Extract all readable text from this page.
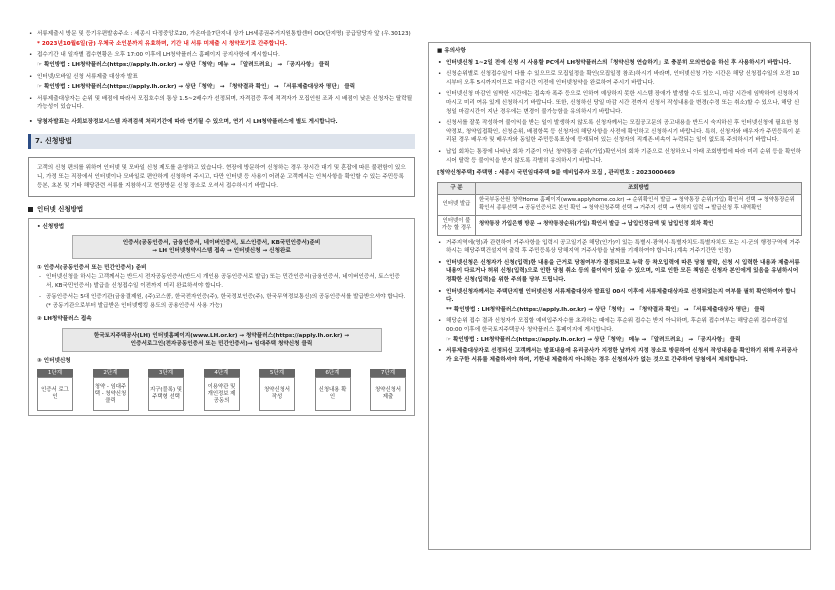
• 서류제출시 방문 및 등기우편발송주소 : 세종시 다정중앙로20, 가온마을7단지내 상가 LH세종권주거지원통합센터 OO(단지명) 공급담당자 앞 (우.30123)
* 2023년10월6일(금) 우체국 소인분까지 유효하며, 기간 내 서류 미제출 시 청약포기로 간주합니다.
• 접수기간 내 일자별 접수현황은 오후 17:00 이후에 LH청약플러스 홈페이지 공지사항에 게시합니다.
☞ 확인방법 : LH청약플러스(https://apply.lh.or.kr) → 상단「청약」메뉴 → 「알려드려요」 → 「공지사항」 클릭
• 인터넷/모바일 신청 서류제출 대상자 발표
☞ 확인방법 : LH청약플러스(https://apply.lh.or.kr) → 상단「청약」 → 「청약결과 확인」 → 「서류제출대상자 명단」 클릭
• 서류제출대상자는 순위 및 배점에 따라서 모집호수의 통상 1.5~2배수가 선정되며, 자격검증 후에 적격자가 모집인원 조과 시 배점이 낮은 신청자는 탈락될 가능성이 있습니다.
• 당첨자발표는 사회보장정보시스템 자격검색 처리기간에 따라 연기될 수 있으며, 연기 시 LH청약플러스에 별도 게시합니다.
7. 신청방법
고객의 신청 편의를 위하여 인터넷 및 모바일 신청 제도를 운영하고 있습니다. 현장에 방문하여 신청하는 경우 장시간 대기 및 혼잡에 따른 불편함이 있으니, 가정 또는 직장에서 인터넷이나 모바일로 편안하게 신청하여 주시고, 다만 인터넷 등 사용이 어려운 고객께서는 인척사항을 확인할 수 있는 주민등록 등본, 초본 및 기타 해당관련 서류를 지참하시고 현장방문 신청 장소로 오셔서 접수하시기 바랍니다.
인터넷 신청방법
• 신청방법
인증서(공동인증서, 금융인증서, 네이버인증서, 토스인증서, KB국민인증서)준비
→ LH 인터넷청약시스템 접속 → 인터넷신청 → 신청완료
① 인증서(공동인증서 또는 민간인증서) 준비
- 인터넷신청을 하시는 고객께서는 반드시 전자공동인증서(반드시 개인용 공동인증서로 발급) 또는 민간인증서(금융인증서, 네이버인증서, 토스인증서, KB국민인증서) 발급을 신청접수일 이전까지 미리 완료하셔야 합니다.
- 공동인증서는 5대 인증기관(금융결제원, (주)코스콤, 한국전자인증(주), 한국정보인증(주), 한국무역정보통신)의 공동인증서를 발급받으셔야 합니다. (* 공동기관으로부터 발급받은 인터넷뱅킹 용도의 공용인증서 사용 가능)
② LH청약플러스 접속
한국토지주택공사(LH) 인터넷홈페이지(www.LH.or.kr) → 청약플러스(https://apply.lh.or.kr) →
인증서로그인(전자공동인증서 또는 민간인증서)→ 임대주택 청약신청 클릭
③ 인터넷신청
1단계
인증서 로그인
2단계
청약 - 임대주택 - 청약신청 클릭
3단계
지구(블록) 및 주택형 선택
4단계
이용약관 및 개인정보 제공동의
5단계
청약신청서 작성
6단계
신청내용 확인
7단계
청약신청서 제출
■ 유의사항
• 인터넷신청 1~2일 전에 신청 시 사용할 PC에서 LH청약플러스의「청약신청 연습하기」로 충분히 모의연습을 하신 후 사용하시기 바랍니다.
• 신청순위별로 신청접수일이 다를 수 있으므로 모집일정을 확인(모집일정 참조)하시기 바라며, 인터넷신청 가능 시간은 해당 신청접수일의 오전 10시부터 오후 5시까지이므로 마감시간 이전에 인터넷청약을 완료하여 주시기 바랍니다.
• 인터넷신청 마감인 임박한 시간에는 접속자 폭주 등으로 인하여 예상하지 못한 시스템 장애가 발생할 수도 있으니, 마감 시간에 임박하여 신청하지 마시고 미리 여유 있게 신청하시기 바랍니다. 또한, 신청하신 당일 마감 시간 전까지 신청서 작성내용을 변경(수정 또는 취소)할 수 있으나, 해당 신청일 마감시간이 지난 경우에는 변경이 불가능함을 유의하시기 바랍니다.
• 신청서를 잘못 작성하여 불이익을 받는 일이 발생하지 않도록 신청자께서는 모집공고문의 공고내용을 반드시 숙지하신 후 인터넷신청에 필요한 청약정보, 청약입접확인, 신청순위, 배점항목 등 신청자의 해당사항을 사전에 확인하고 신청하시기 바랍니다. 특히, 신청자와 배우자가 주민등록이 분리된 경우 배우자 및 배우자와 동일한 주민등록표상에 등재되어 있는 신청자의 직계존·비속이 누락되는 일이 없도록 주의하시기 바랍니다.
• 납입 회차는 통장에 나타난 회차 기준이 아닌 청약통장 순위(가입)확인서의 회차 기준으로 신청하오니 아래 조회방법에 따라 미리 순위 등을 확인하시어 탈락 등 불이익을 받지 않도록 각별히 유의하시기 바랍니다.
[청약신청주택] 주택명 : 세종시 국민임대주택 9블 예비입주자 모집 , 관리번호 : 2023000469
구 분	조회방법
인터넷 발급	한국부동산원 청약Home 홈페이지(www.applyhome.co.kr) → 순위확인서 발급 → 청약통장 순위(가입) 확인서 선택 → 청약통장순위확인서 종류선택 → 공동인증서로 본인 확인 → 청약신청주택 선택 → 거주지 선택 → 면허지 입력 → 발급신청 후 내역확인
인터넷이 불가능 할 경우	청약통장 가입은행 방문 → 청약통장순위(가입) 확인서 발급 → 납입인정금액 및 납입인정 회차 확인
• 거주지역에(영)과 관련하여 거주사항을 입력시 공고일기준 해당(인가)이 있는 특별시·광역시·특별자치도·특별자치도 또는 시·군의 행정구역에 거주하시는 해당주택건설지역 출력 후 주민등록상 당해지역 거주사항을 날짜를 기재하여야 합니다.(계속 거주기간만 인정)
• 인터넷신청은 신청자가 신청(입력)한 내용을 근거로 당첨여부가 결정되므로 누락 등 착오입력에 따른 당첨 탈락, 신청 시 입력한 내용과 제출서류 내용이 다르거나 허위 신청(입력)으로 인한 당첨 취소 등의 불이익이 있을 수 있으며, 이로 인한 모든 책임은 신청자 본인에게 있음을 유념하시어 정확한 신청(입력)을 위한 주의를 당부 드립니다.
• 인터넷신청자께서는 주택단지별 인터넷신청 서류제출대상자 발표일 00시 이후에 서류제출대상자로 선정되었는지 여부를 필히 확인하여야 합니다.
** 확인방법 : LH청약플러스(https://apply.lh.or.kr) → 상단「청약」 → 「청약결과 확인」 → 「서류제출대상자 명단」 클릭
• 해당순위 접수 결과 신청자가 모집할 예비입주자수를 초과하는 때에는 후순위 접수는 받지 아니하며, 후순위 접수여부는 해당순위 접수마감일 00:00 이후에 한국토지주택공사 청약플러스 홈페이지에 게시합니다.
☞ 확인방법 : LH청약플러스(https://apply.lh.or.kr) → 상단「청약」 메뉴 → 「알려드려요」 → 「공지사항」 클릭
• 서류제출대상자로 선정되신 고객께서는 발표내용에 유리공사가 지정한 날까지 지정 장소로 방문하여 신청서 작성내용을 확인하기 위해 우리공사가 요구한 서류를 제출하셔야 하며, 기한내 제출하지 아니하는 경우 신청의사가 없는 것으로 간주하여 당첨에서 제외합니다.
